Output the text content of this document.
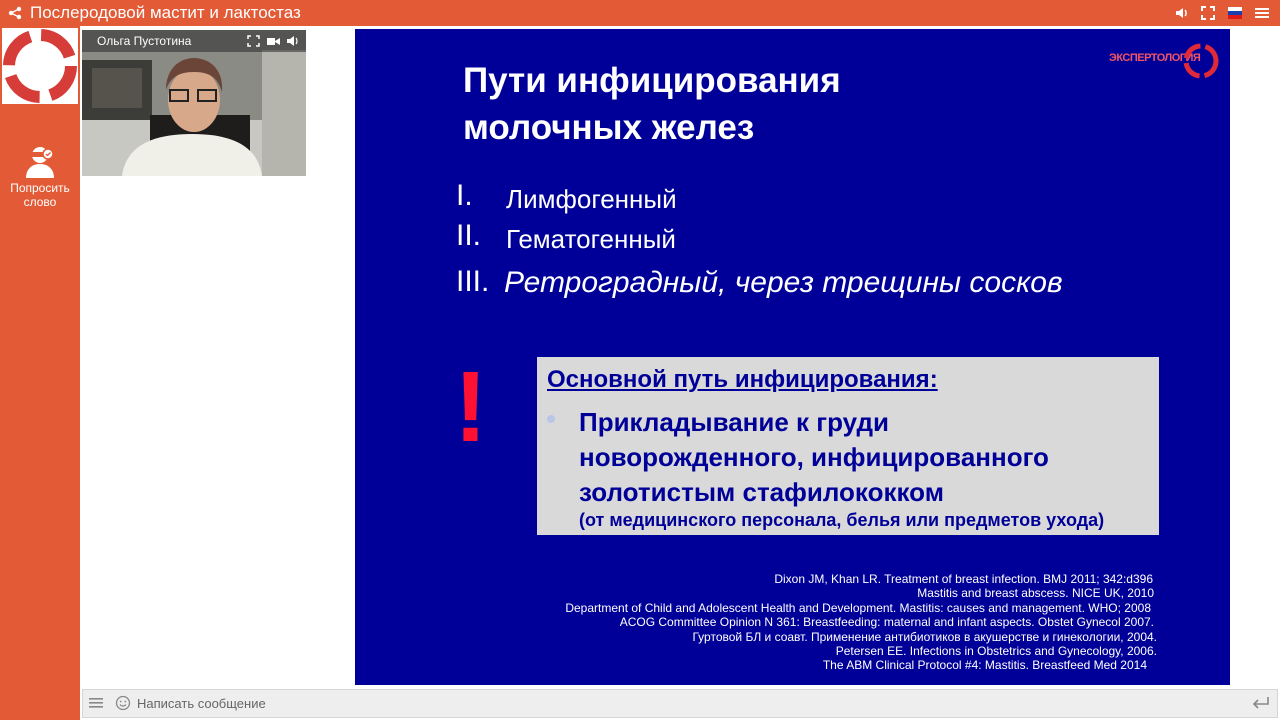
Послеродовой мастит и лактостаз
Попросить
слово
Ольга Пустотина
ЭКСПЕРТОЛОГИЯ
Пути инфицирования
молочных желез
I. Лимфогенный
II. Гематогенный
III. Ретроградный, через трещины сосков
! Основной путь инфицирования:
Прикладывание к груди
новорожденного, инфицированного
золотистым стафилококком
(от медицинского персонала, белья или предметов ухода)
Dixon JM, Khan LR. Treatment of breast infection. BMJ 2011; 342:d396
Mastitis and breast abscess. NICE UK, 2010
Department of Child and Adolescent Health and Development. Mastitis: causes and management. WHO; 2008
ACOG Committee Opinion N 361: Breastfeeding: maternal and infant aspects. Obstet Gynecol 2007.
Гуртовой БЛ и соавт. Применение антибиотиков в акушерстве и гинекологии, 2004.
Petersen EE. Infections in Obstetrics and Gynecology, 2006.
The ABM Clinical Protocol #4: Mastitis. Breastfeed Med 2014
Написать сообщение
